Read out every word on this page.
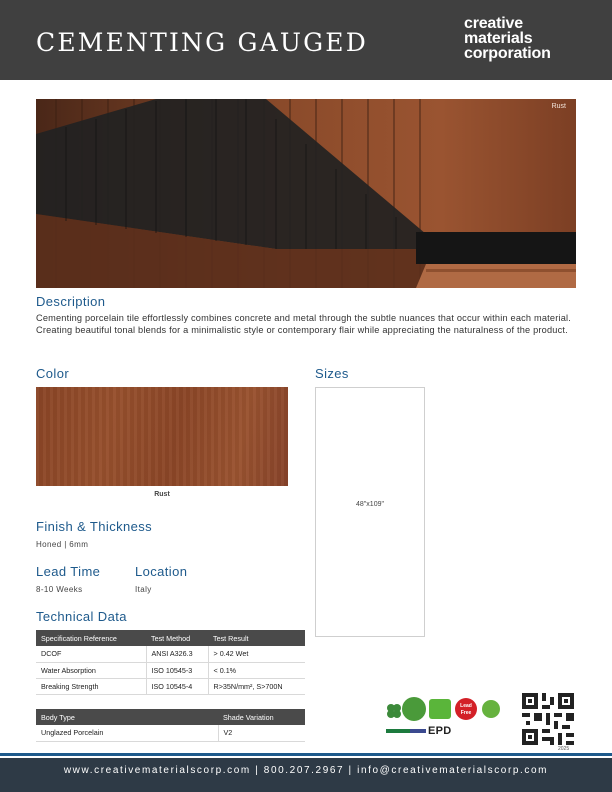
CEMENTING GAUGED
creative
materials
corporation
Rust
Description
Cementing porcelain tile effortlessly combines concrete and metal through the subtle nuances that occur within each material. Creating beautiful tonal blends for a minimalistic style or contemporary flair while appreciating the naturalness of the product.
Color
Rust
Sizes
48"x109"
Finish & Thickness
Honed | 6mm
Lead Time
8-10 Weeks
Location
Italy
Technical Data
Specification Reference	Test Method	Test Result
DCOF	ANSI A326.3	> 0.42 Wet
Water Absorption	ISO 10545-3	< 0.1%
Breaking Strength	ISO 10545-4	R>35N/mm², S>700N
Body Type	Shade Variation
Unglazed Porcelain	V2
Lead Free
EPD
2025
www.creativematerialscorp.com | 800.207.2967 | info@creativematerialscorp.com
